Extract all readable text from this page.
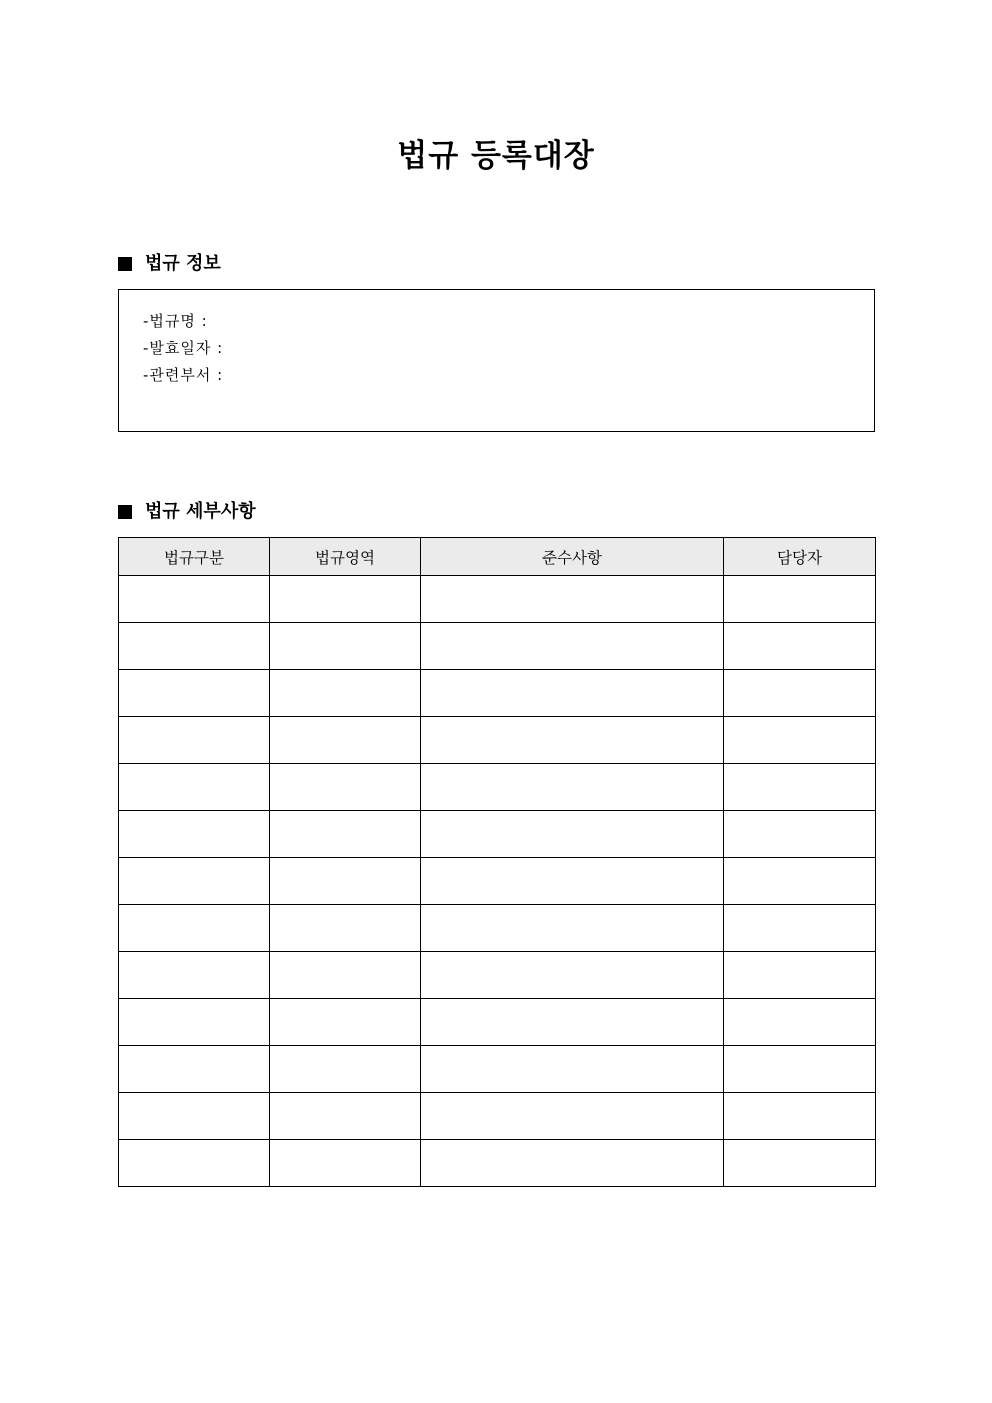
법규 등록대장
법규 정보
-법규명 :
-발효일자 :
-관련부서 :
법규 세부사항
법규구분	법규영역	준수사항	담당자
